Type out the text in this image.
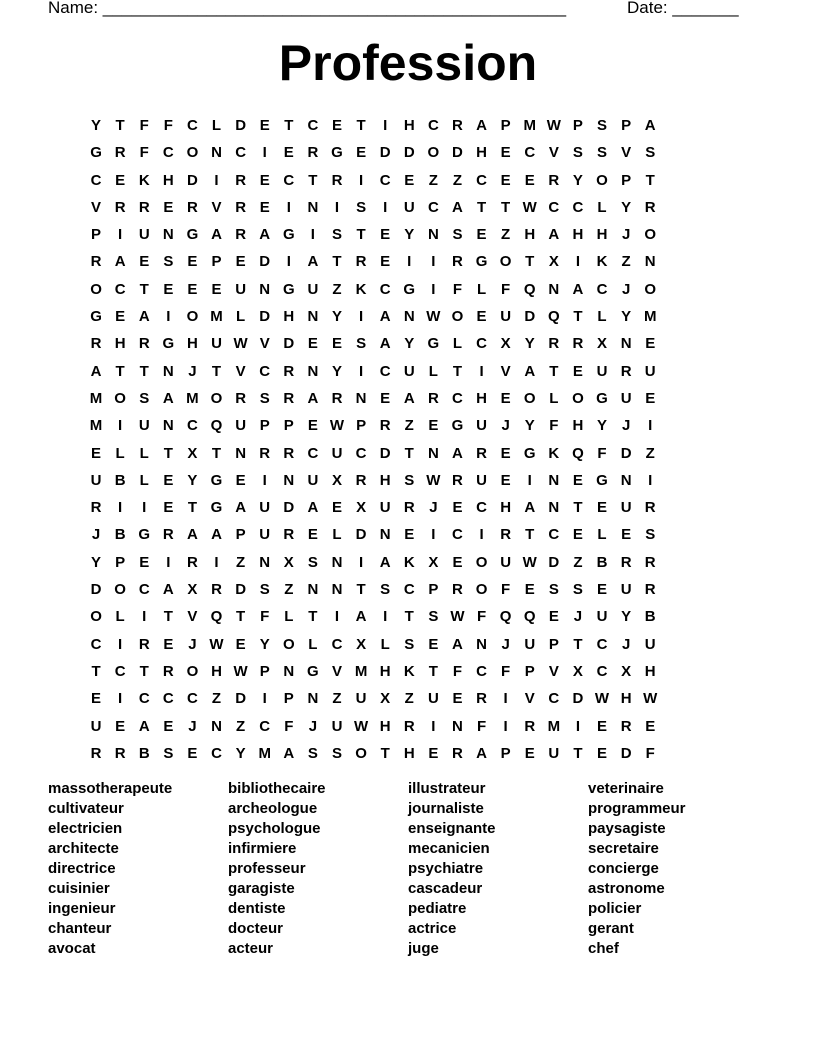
Name: _________________________________________________	Date: _______
Profession
Y T F F C L D E T C E T	I	H C R A P M W P S P A
G R F C O N C	I	E R G E D D O D H E C V S S V S
C E K H D	I	R E C T R	I	C E Z Z C E E R Y O P T
V R R E R V R E	I	N	I	S	I	U C A T T W C C L Y R
P	I	U N G A R A G	I	S T E Y N S E Z H A H H J O
R A E S E P E D	I	A T R E	I	I	R G O T X	I	K Z N
O C T E E E U N G U Z K C G	I	F L F Q N A C J O
G E A	I	O M L D H N Y	I	A N W O E U D Q T L Y M
R H R G H U W V D E E S A Y G L C X Y R R X N E
A T T N J	T V C R N Y	I	C U L T	I	V A T E U R U
M O S A M O R S R A R N E A R C H E O L O G U E
M	I	U N C Q U P P E W P R Z E G U J Y F H Y J	I
E L L T X T N R R C U C D T N A R E G K Q F D Z
U B L E Y G E	I	N U X R H S W R U E	I	N E G N	I
R	I	I	E T G A U D A E X U R J E C H A N T E U R
J B G R A A P U R E L D N E	I	C	I	R T C E L E S
Y P E	I	R	I	Z N X S N	I	A K X E O U W D Z B R R
D O C A X R D S Z N N T S C P R O F E S S E U R
O L	I	T V Q T F L T	I	A	I	T S W F Q Q E J U Y B
C	I	R E J W E Y O L C X L S E A N J U P T C J U
T C T R O H W P N G V M H K T F C F P V X C X H
E	I	C C C Z D	I	P N Z U X Z U E R	I	V C D W H W
U E A E J N Z C F	J U W H R	I	N F	I	R M	I	E R E
R R B S E C Y M A S S O T H E R A P E U T E D F
massotherapeute
cultivateur
electricien
architecte
directrice
cuisinier
ingenieur
chanteur
avocat
bibliothecaire
archeologue
psychologue
infirmiere
professeur
garagiste
dentiste
docteur
acteur
illustrateur
journaliste
enseignante
mecanicien
psychiatre
cascadeur
pediatre
actrice
juge
veterinaire
programmeur
paysagiste
secretaire
concierge
astronome
policier
gerant
chef
